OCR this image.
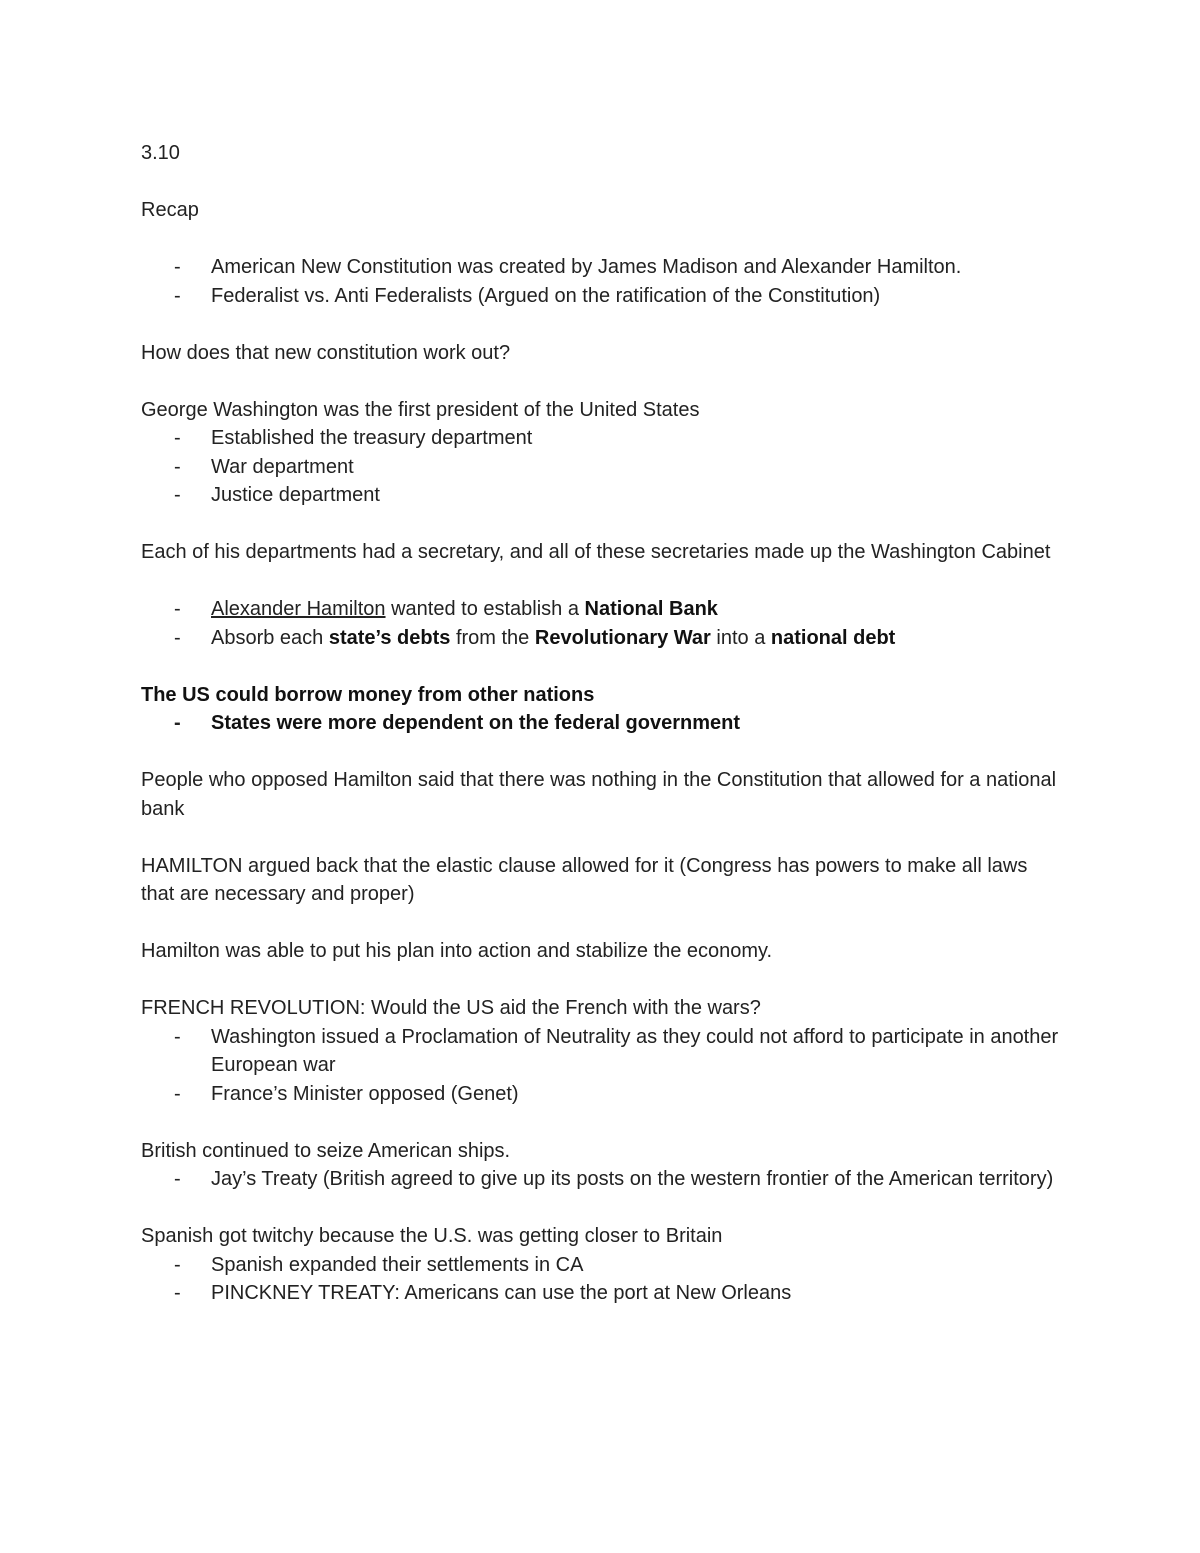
3.10

Recap

- American New Constitution was created by James Madison and Alexander Hamilton.
- Federalist vs. Anti Federalists (Argued on the ratification of the Constitution)

How does that new constitution work out?

George Washington was the first president of the United States

- Established the treasury department
- War department
- Justice department

Each of his departments had a secretary, and all of these secretaries made up the Washington Cabinet

- Alexander Hamilton wanted to establish a National Bank
- Absorb each state’s debts from the Revolutionary War into a national debt

The US could borrow money from other nations

- States were more dependent on the federal government

People who opposed Hamilton said that there was nothing in the Constitution that allowed for a national bank

HAMILTON argued back that the elastic clause allowed for it (Congress has powers to make all laws that are necessary and proper)

Hamilton was able to put his plan into action and stabilize the economy.

FRENCH REVOLUTION: Would the US aid the French with the wars?

- Washington issued a Proclamation of Neutrality as they could not afford to participate in another European war
- France’s Minister opposed (Genet)

British continued to seize American ships.

- Jay’s Treaty (British agreed to give up its posts on the western frontier of the American territory)

Spanish got twitchy because the U.S. was getting closer to Britain

- Spanish expanded their settlements in CA
- PINCKNEY TREATY: Americans can use the port at New Orleans
